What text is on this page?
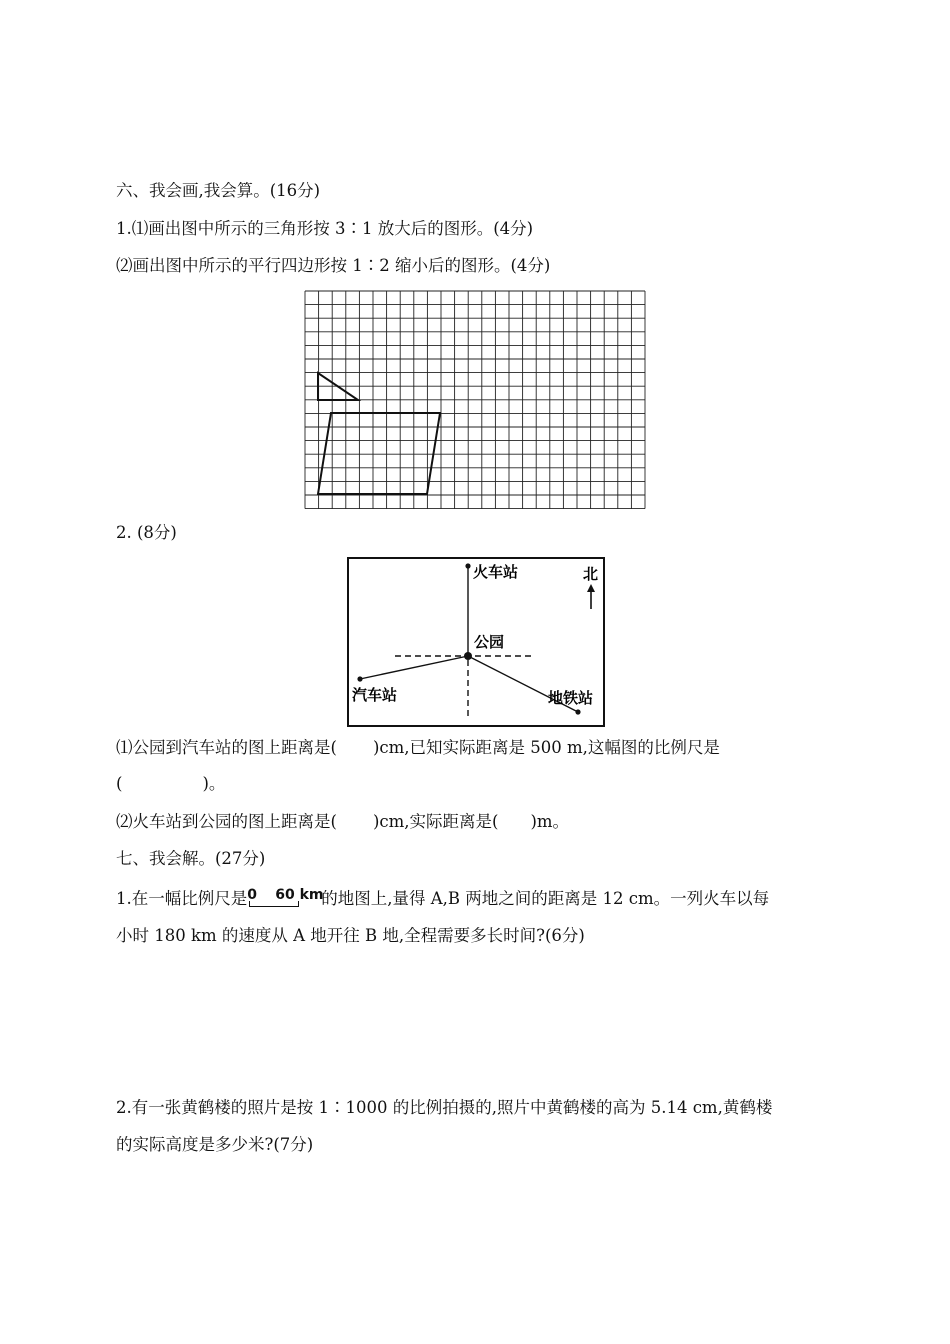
六、我会画,我会算。(16分)
1.⑴画出图中所示的三角形按 3∶1 放大后的图形。(4分)
⑵画出图中所示的平行四边形按 1∶2 缩小后的图形。(4分)
2. (8分)
火车站	北
公园
汽车站	地铁站
⑴公园到汽车站的图上距离是( )cm,已知实际距离是 500 m,这幅图的比例尺是
(	)。
⑵火车站到公园的图上距离是( )cm,实际距离是( )m。
七、我会解。(27分)
1.在一幅比例尺是 0 60 km
的地图上,量得 A,B 两地之间的距离是 12 cm。一列火车以每
小时 180 km 的速度从 A 地开往 B 地,全程需要多长时间?(6分)
2.有一张黄鹤楼的照片是按 1∶1000 的比例拍摄的,照片中黄鹤楼的高为 5.14 cm,黄鹤楼
的实际高度是多少米?(7分)
